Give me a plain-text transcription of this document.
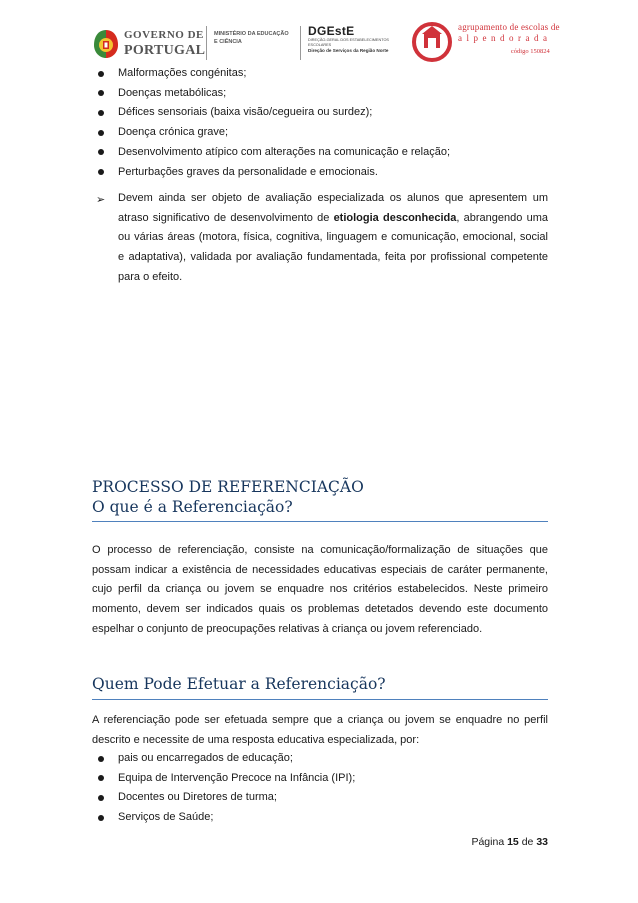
GOVERNO DE
PORTUGAL
MINISTÉRIO DA EDUCAÇÃO
E CIÊNCIA
DGEstE
DIREÇÃO-GERAL DOS ESTABELECIMENTOS ESCOLARES
Direção de Serviços da Região Norte
agrupamento de escolas de
alpendorada
código 150824
Malformações congénitas;
Doenças metabólicas;
Défices sensoriais (baixa visão/cegueira ou surdez);
Doença crónica grave;
Desenvolvimento atípico com alterações na comunicação e relação;
Perturbações graves da personalidade e emocionais.
➢ Devem ainda ser objeto de avaliação especializada os alunos que apresentem um atraso significativo de desenvolvimento de etiologia desconhecida, abrangendo uma ou várias áreas (motora, física, cognitiva, linguagem e comunicação, emocional, social e adaptativa), validada por avaliação fundamentada, feita por profissional competente para o efeito.
PROCESSO DE REFERENCIAÇÃO
O que é a Referenciação?
O processo de referenciação, consiste na comunicação/formalização de situações que possam indicar a existência de necessidades educativas especiais de caráter permanente, cujo perfil da criança ou jovem se enquadre nos critérios estabelecidos. Neste primeiro momento, devem ser indicados quais os problemas detetados devendo este documento espelhar o conjunto de preocupações relativas à criança ou jovem referenciado.
Quem Pode Efetuar a Referenciação?
A referenciação pode ser efetuada sempre que a criança ou jovem se enquadre no perfil descrito e necessite de uma resposta educativa especializada, por:
pais ou encarregados de educação;
Equipa de Intervenção Precoce na Infância (IPI);
Docentes ou Diretores de turma;
Serviços de Saúde;
Página 15 de 33
